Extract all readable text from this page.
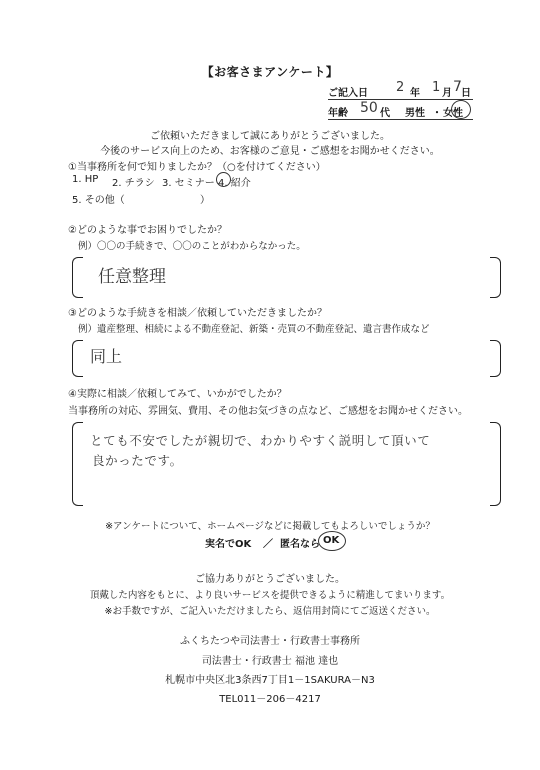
【お客さまアンケート】
ご記入日 2 年 1 月 7 日
年齢 50 代 男性 ・ 女性
ご依頼いただきまして誠にありがとうございました。
今後のサービス向上のため、お客様のご意見・ご感想をお聞かせください。
①当事務所を何で知りましたか？（○を付けてください）
1. HP 2. チラシ 3. セミナー 4. 紹介
5. その他（	）
②どのような事でお困りでしたか？
例）〇〇の手続きで、〇〇のことがわからなかった。
任意整理
③どのような手続きを相談／依頼していただきましたか？
例）遺産整理、相続による不動産登記、新築・売買の不動産登記、遺言書作成など
同上
④実際に相談／依頼してみて、いかがでしたか？
当事務所の対応、雰囲気、費用、その他お気づきの点など、ご感想をお聞かせください。
とても不安でしたが親切で、わかりやすく説明して頂いて
良かったです。
※アンケートについて、ホームページなどに掲載してもよろしいでしょうか？
実名でOK ／ 匿名なら OK
ご協力ありがとうございました。
頂戴した内容をもとに、より良いサービスを提供できるように精進してまいります。
※お手数ですが、ご記入いただけましたら、返信用封筒にてご返送ください。
ふくちたつや司法書士・行政書士事務所
司法書士・行政書士 福池 達也
札幌市中央区北3条西7丁目1－1SAKURA－N3
TEL011－206－4217
